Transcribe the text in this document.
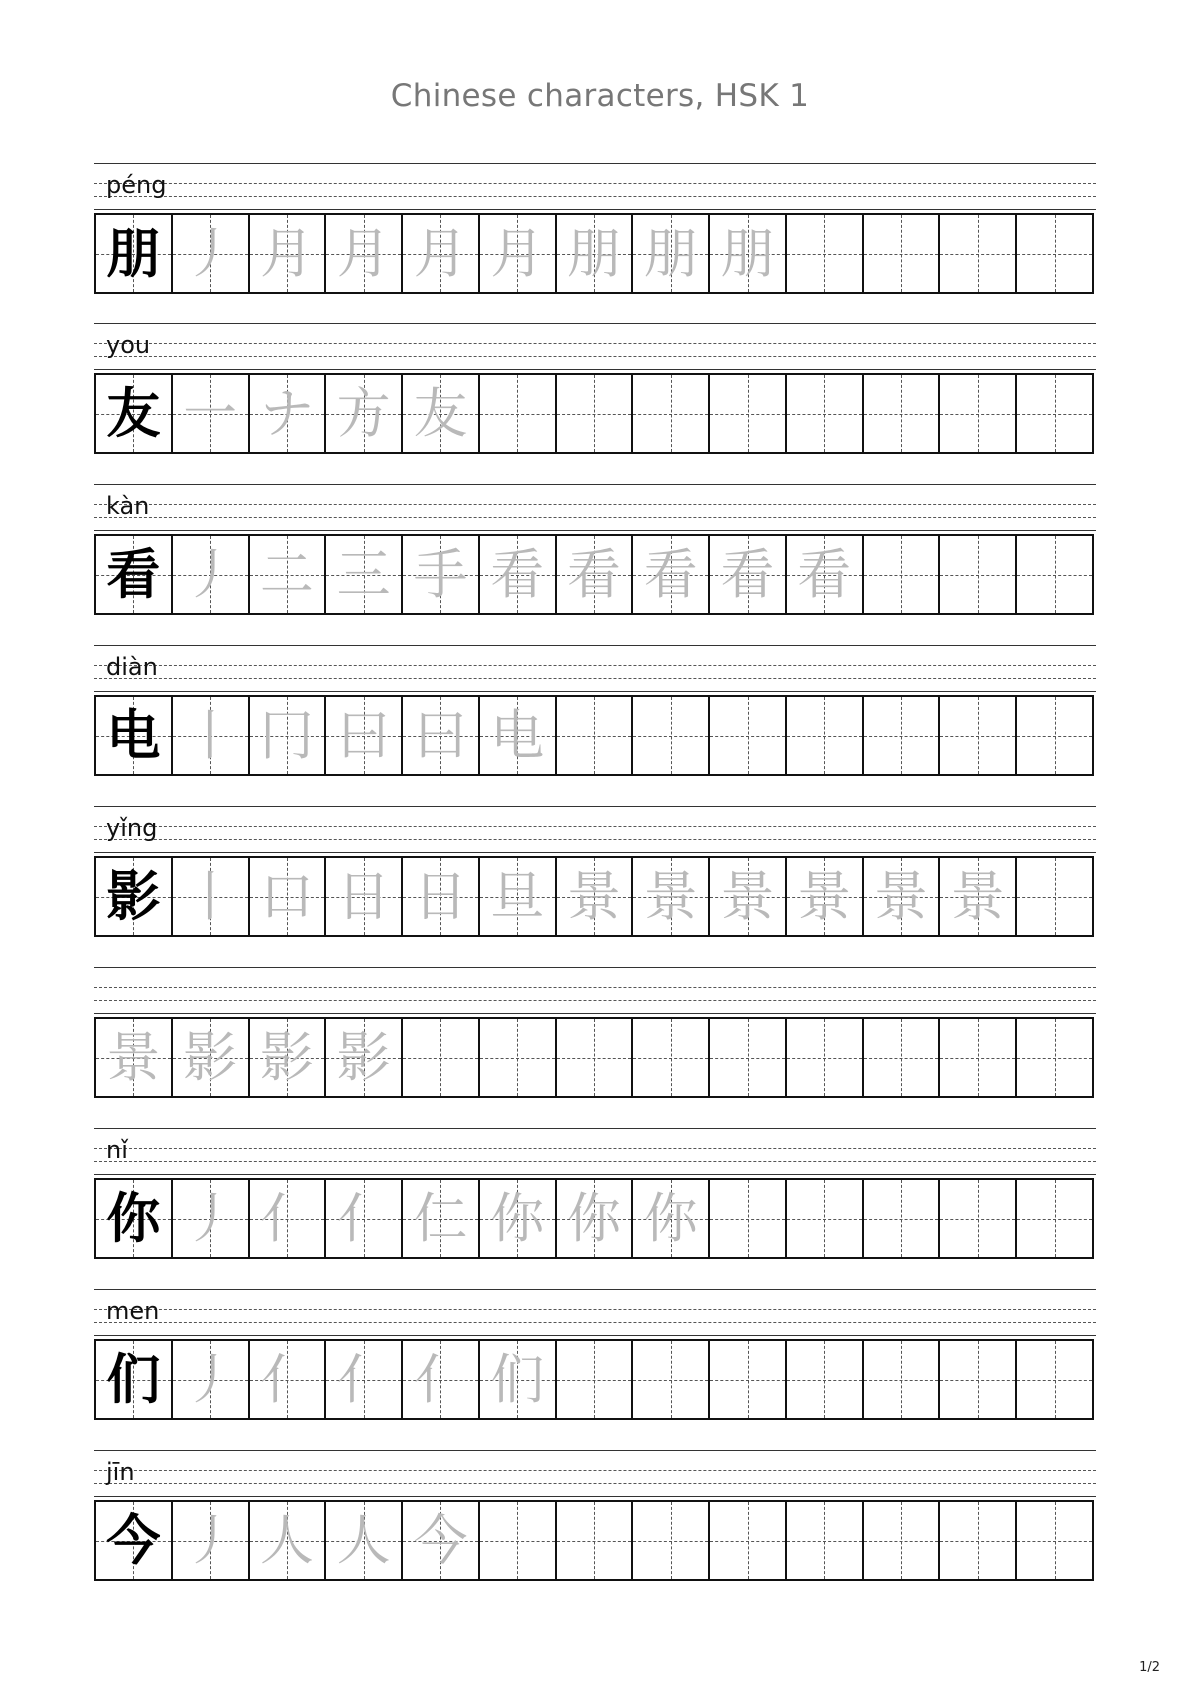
Chinese characters, HSK 1
péng
朋 丿 月 月 月 月 朋 朋 朋
you
友 一 ナ 方 友
kàn
看 丿 二 三 手 看 看 看 看 看
diàn
电 丨 冂 曰 曰 电
yǐng
影 丨 口 日 日 旦 景 景 景 景 景 景
景 影 影 影
nǐ
你 丿 亻 亻 仁 你 你 你
men
们 丿 亻 亻 亻 们
jīn
今 丿 人 人 今
1/2
